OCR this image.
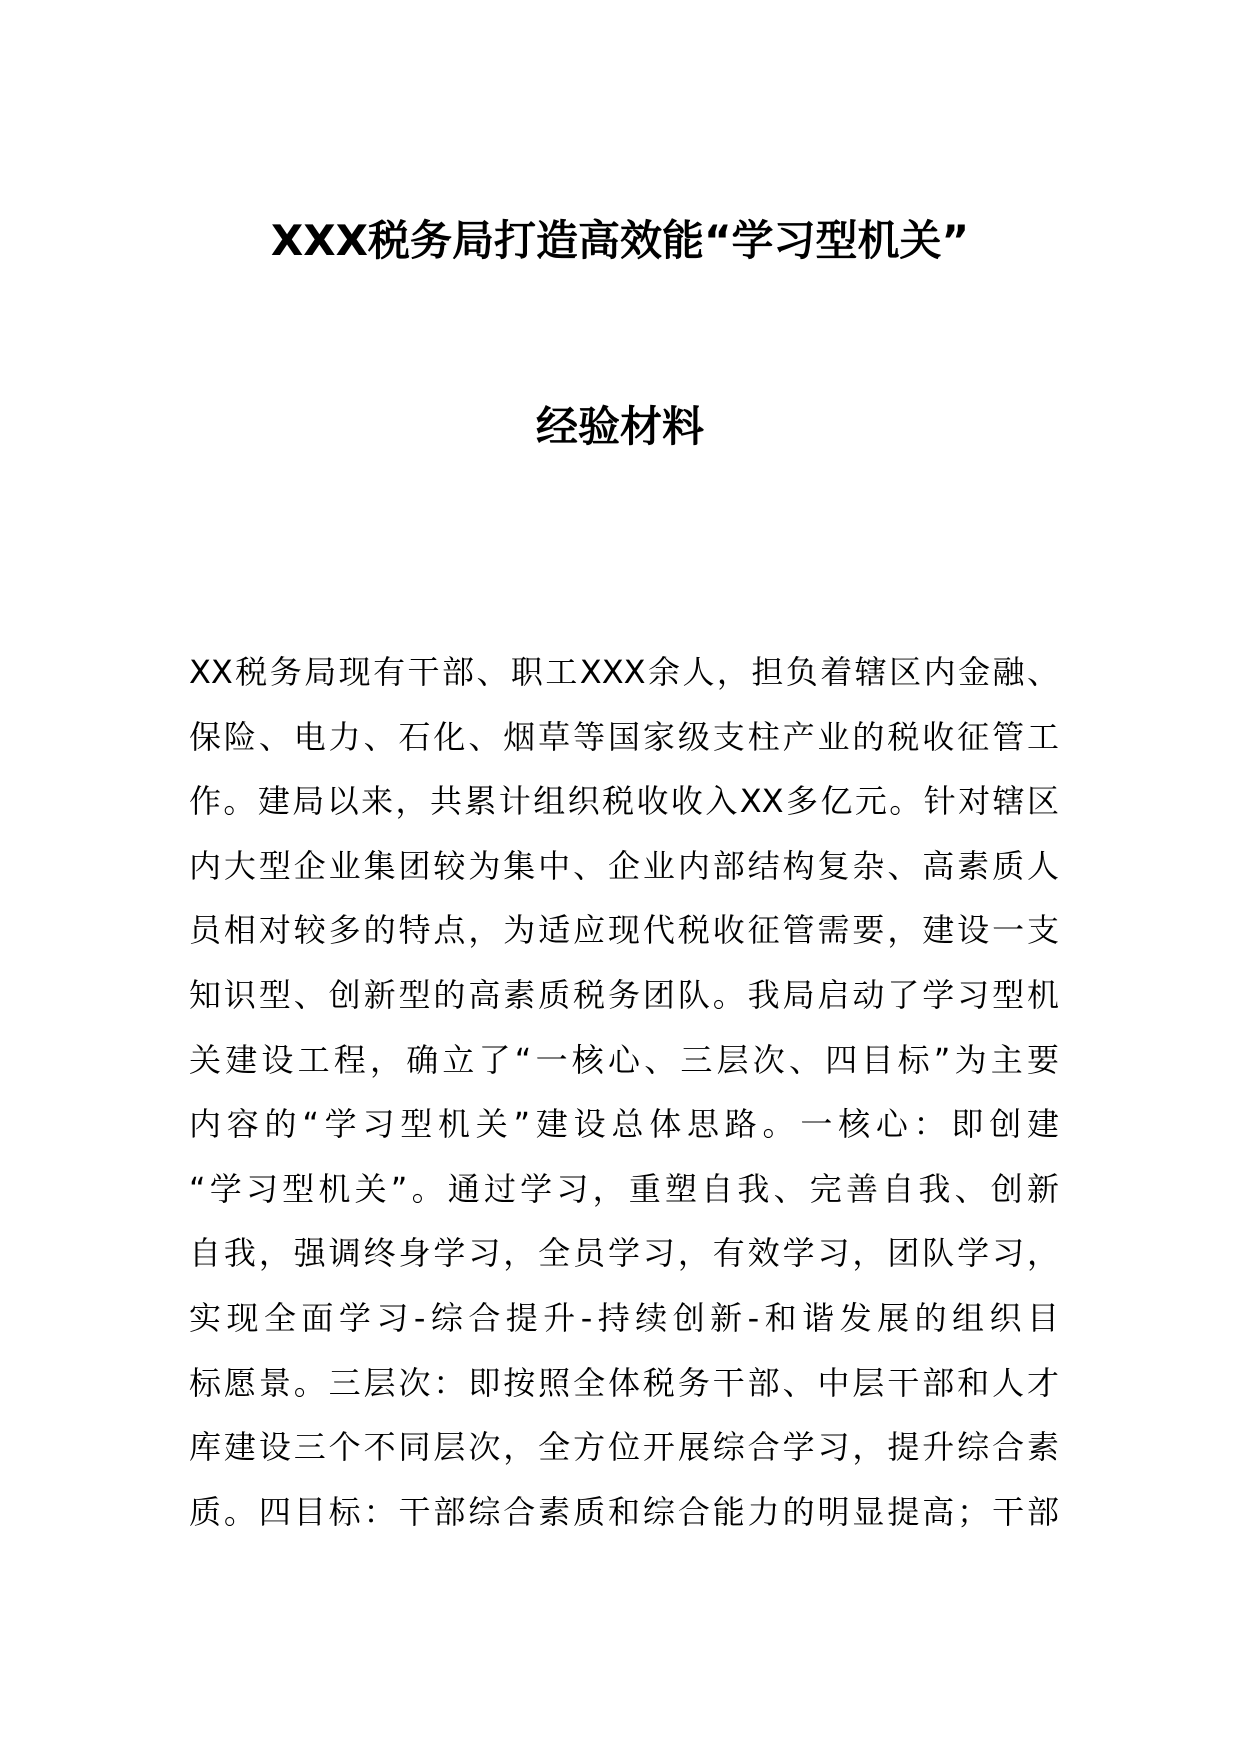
XXX税务局打造高效能“学习型机关”
经验材料
XX税务局现有干部、职工XXX余人，担负着辖区内金融、
保险、电力、石化、烟草等国家级支柱产业的税收征管工
作。建局以来，共累计组织税收收入XX多亿元。针对辖区
内大型企业集团较为集中、企业内部结构复杂、高素质人
员相对较多的特点，为适应现代税收征管需要，建设一支
知识型、创新型的高素质税务团队。我局启动了学习型机
关建设工程，确立了“一核心、三层次、四目标”为主要
内容的“学习型机关”建设总体思路。一核心：即创建
“学习型机关”。通过学习，重塑自我、完善自我、创新
自我，强调终身学习，全员学习，有效学习，团队学习，
实现全面学习-综合提升-持续创新-和谐发展的组织目
标愿景。三层次：即按照全体税务干部、中层干部和人才
库建设三个不同层次，全方位开展综合学习，提升综合素
质。四目标：干部综合素质和综合能力的明显提高；干部
